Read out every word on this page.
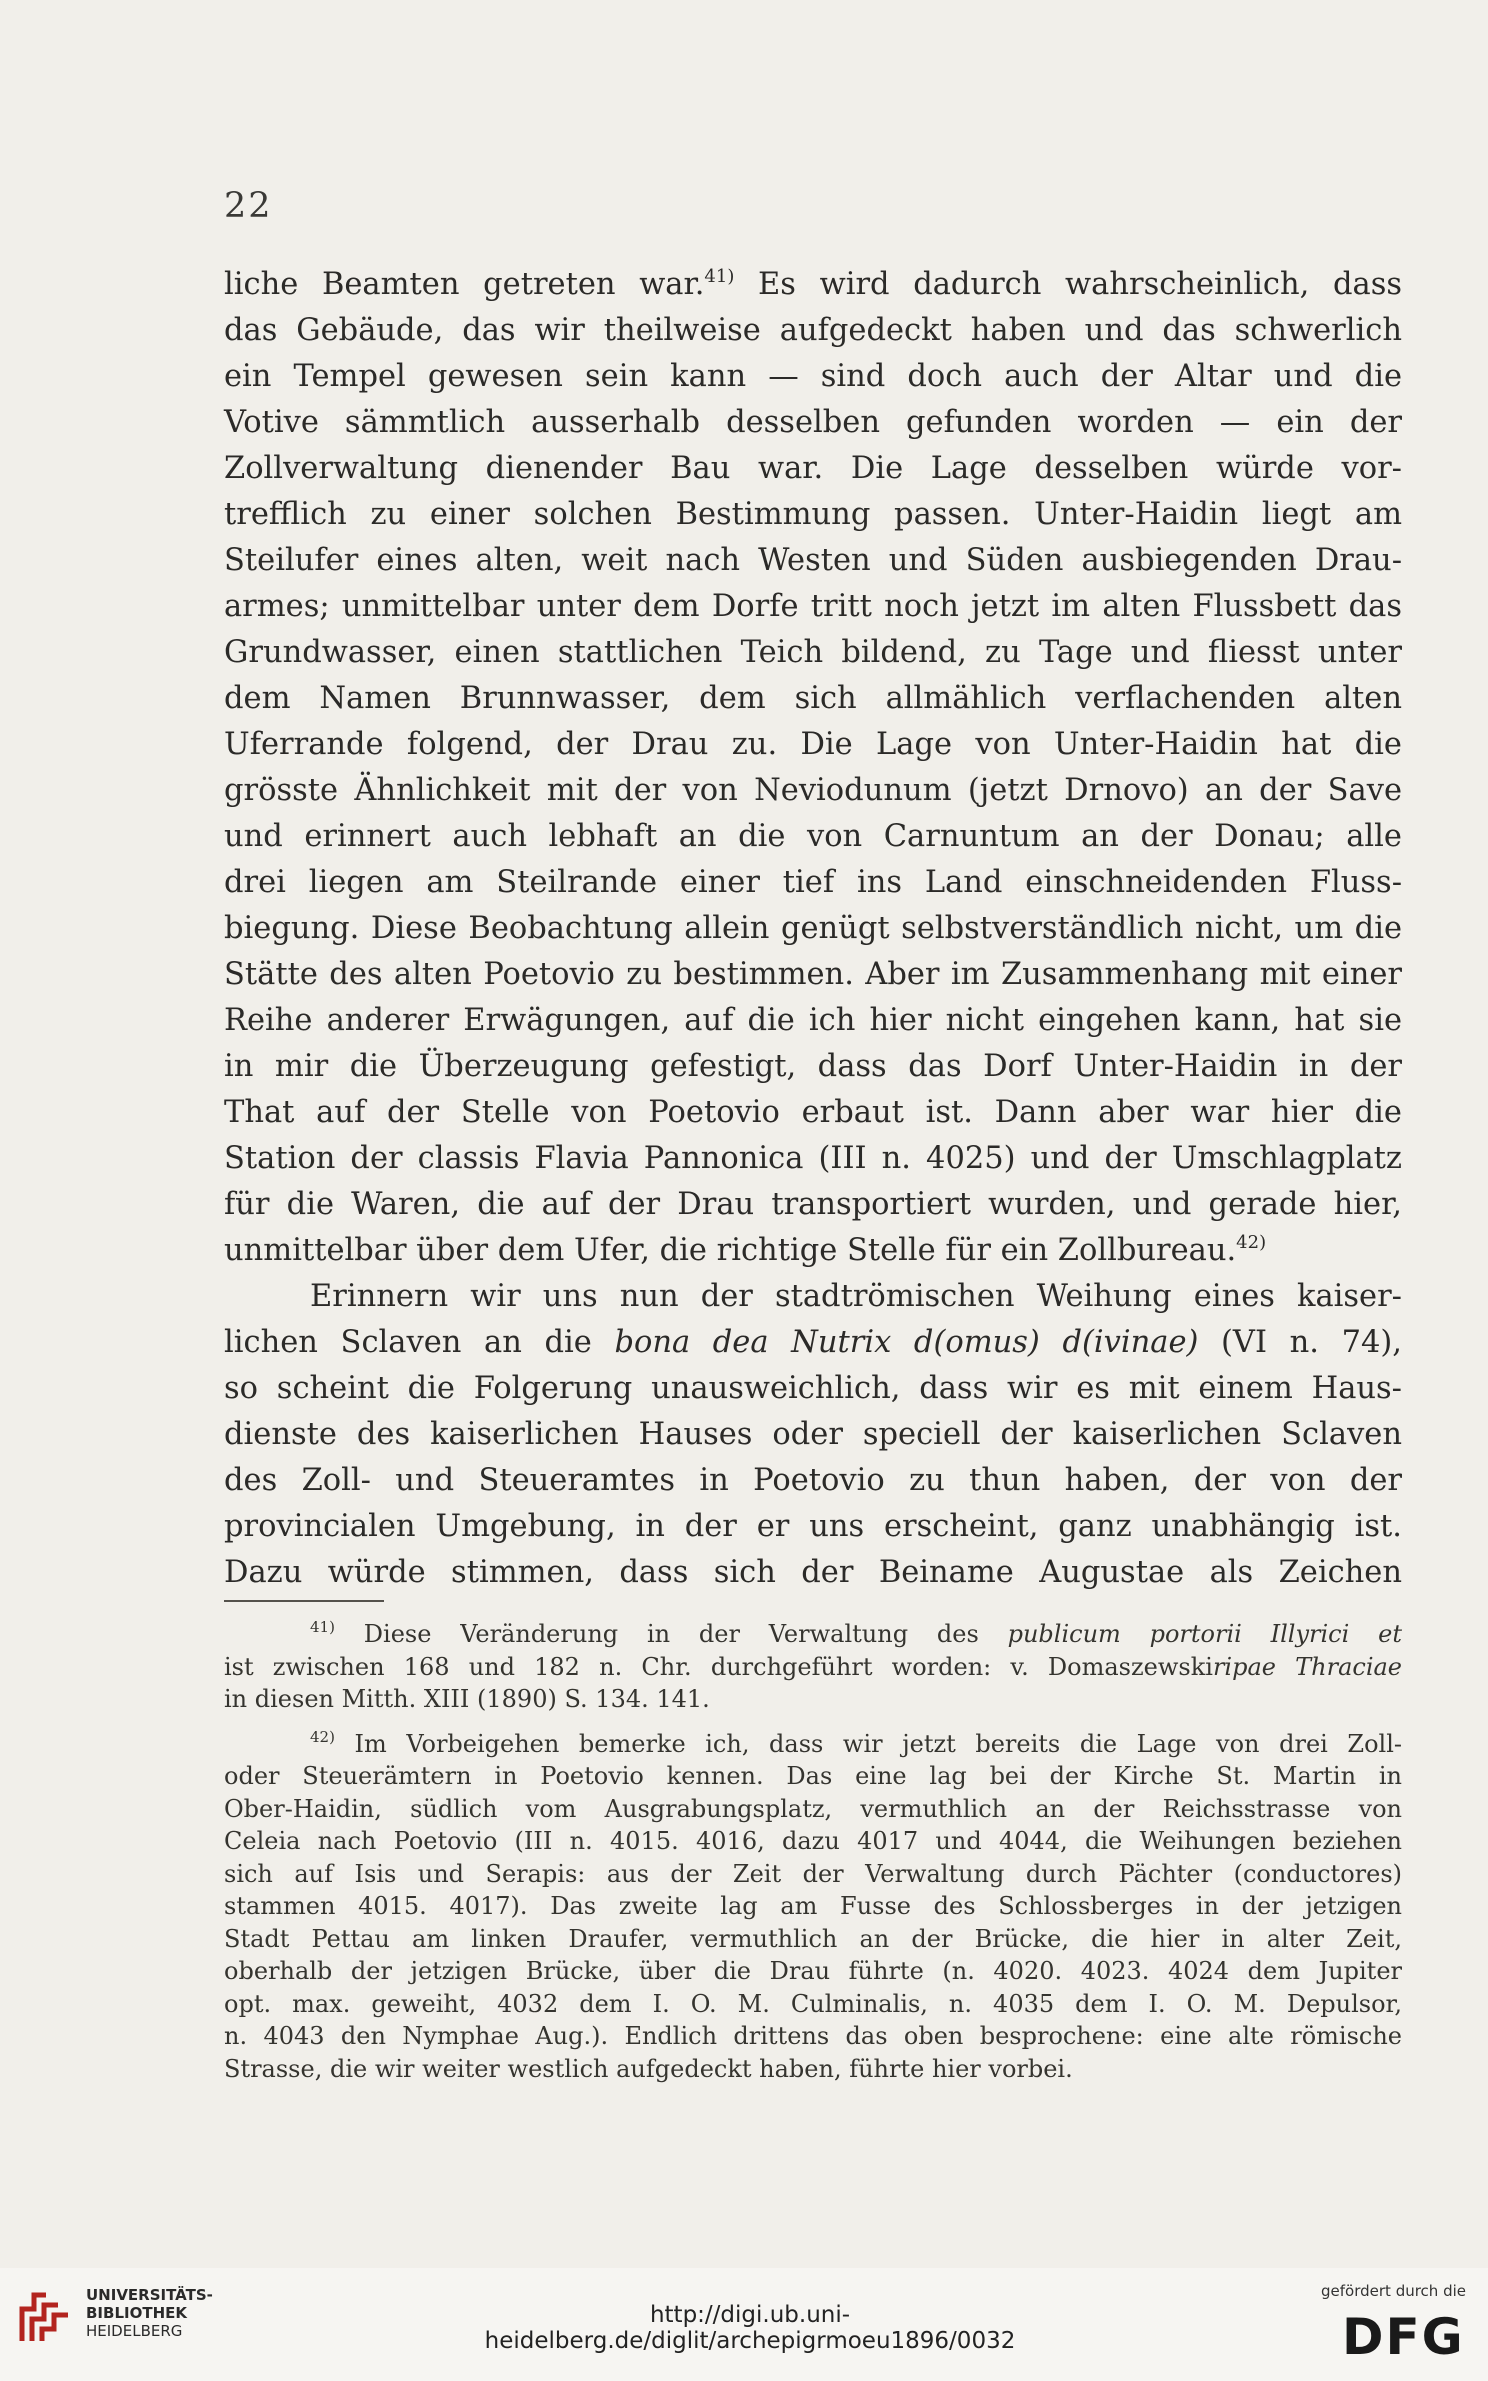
22
liche Beamten getreten war.$^{41)}$ Es wird dadurch wahrscheinlich, dass
das Gebäude, das wir theilweise aufgedeckt haben und das schwerlich
ein Tempel gewesen sein kann — sind doch auch der Altar und die
Votive sämmtlich ausserhalb desselben gefunden worden — ein der
Zollverwaltung dienender Bau war. Die Lage desselben würde vor-
trefflich zu einer solchen Bestimmung passen. Unter-Haidin liegt am
Steilufer eines alten, weit nach Westen und Süden ausbiegenden Drau-
armes; unmittelbar unter dem Dorfe tritt noch jetzt im alten Flussbett das
Grundwasser, einen stattlichen Teich bildend, zu Tage und fliesst unter
dem Namen Brunnwasser, dem sich allmählich verflachenden alten
Uferrande folgend, der Drau zu. Die Lage von Unter-Haidin hat die
grösste Ähnlichkeit mit der von Neviodunum (jetzt Drnovo) an der Save
und erinnert auch lebhaft an die von Carnuntum an der Donau; alle
drei liegen am Steilrande einer tief ins Land einschneidenden Fluss-
biegung. Diese Beobachtung allein genügt selbstverständlich nicht, um die
Stätte des alten Poetovio zu bestimmen. Aber im Zusammenhang mit einer
Reihe anderer Erwägungen, auf die ich hier nicht eingehen kann, hat sie
in mir die Überzeugung gefestigt, dass das Dorf Unter-Haidin in der
That auf der Stelle von Poetovio erbaut ist. Dann aber war hier die
Station der classis Flavia Pannonica (III n. 4025) und der Umschlagplatz
für die Waren, die auf der Drau transportiert wurden, und gerade hier,
unmittelbar über dem Ufer, die richtige Stelle für ein Zollbureau.$^{42)}$
Erinnern wir uns nun der stadtrömischen Weihung eines kaiser-
lichen Sclaven an die bona dea Nutrix d(omus) d(ivinae) (VI n. 74),
so scheint die Folgerung unausweichlich, dass wir es mit einem Haus-
dienste des kaiserlichen Hauses oder speciell der kaiserlichen Sclaven
des Zoll- und Steueramtes in Poetovio zu thun haben, der von der
provincialen Umgebung, in der er uns erscheint, ganz unabhängig ist.
Dazu würde stimmen, dass sich der Beiname Augustae als Zeichen
$^{41)}$ Diese Veränderung in der Verwaltung des publicum portorii Illyrici et
ist zwischen 168 und 182 n. Chr. durchgeführt worden: v. Domaszewskiripae Thraciae
in diesen Mitth. XIII (1890) S. 134. 141.
$^{42)}$ Im Vorbeigehen bemerke ich, dass wir jetzt bereits die Lage von drei Zoll-
oder Steuerämtern in Poetovio kennen. Das eine lag bei der Kirche St. Martin in
Ober-Haidin, südlich vom Ausgrabungsplatz, vermuthlich an der Reichsstrasse von
Celeia nach Poetovio (III n. 4015. 4016, dazu 4017 und 4044, die Weihungen beziehen
sich auf Isis und Serapis: aus der Zeit der Verwaltung durch Pächter (conductores)
stammen 4015. 4017). Das zweite lag am Fusse des Schlossberges in der jetzigen
Stadt Pettau am linken Draufer, vermuthlich an der Brücke, die hier in alter Zeit,
oberhalb der jetzigen Brücke, über die Drau führte (n. 4020. 4023. 4024 dem Jupiter
opt. max. geweiht, 4032 dem I. O. M. Culminalis, n. 4035 dem I. O. M. Depulsor,
n. 4043 den Nymphae Aug.). Endlich drittens das oben besprochene: eine alte römische
Strasse, die wir weiter westlich aufgedeckt haben, führte hier vorbei.
UNIVERSITÄTS-
BIBLIOTHEK
HEIDELBERG
http://digi.ub.uni-heidelberg.de/diglit/archepigrmoeu1896/0032
gefördert durch die
DFG
